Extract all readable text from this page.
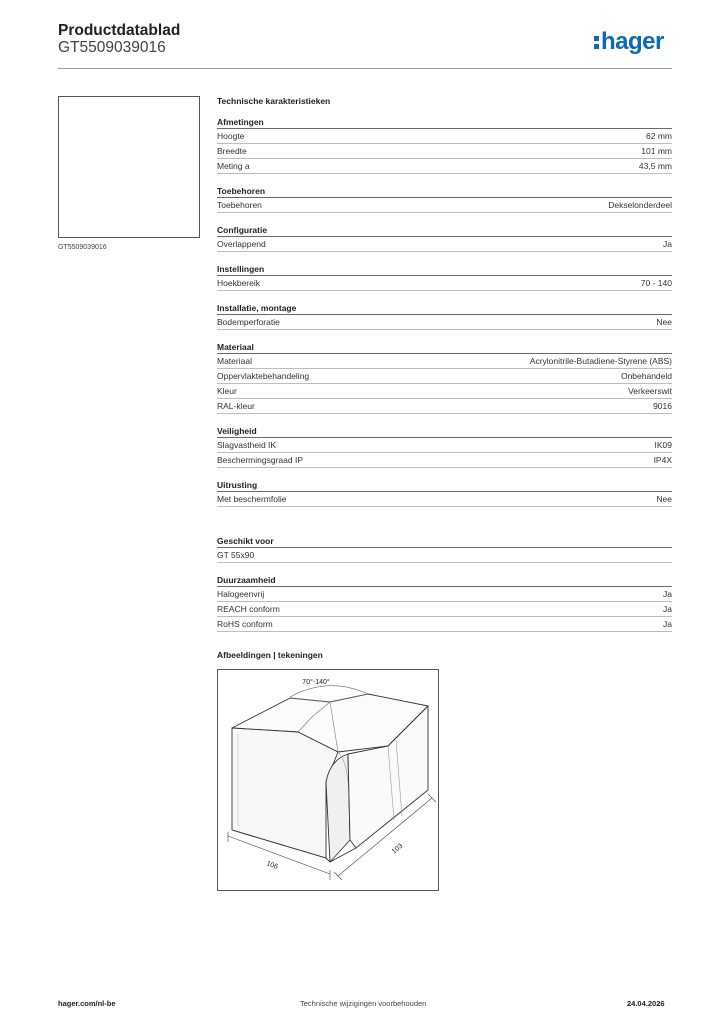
Productdatablad
GT5509039016	hager
GT5509039016
Technische karakteristieken
Afmetingen
Hoogte	62 mm
Breedte	101 mm
Meting a	43,5 mm
Toebehoren
Toebehoren	Dekselonderdeel
Configuratie
Overlappend	Ja
Instellingen
Hoekbereik	70 - 140
Installatie, montage
Bodemperforatie	Nee
Materiaal
Materiaal	Acrylonitrile-Butadiene-Styrene (ABS)
Oppervlaktebehandeling	Onbehandeld
Kleur	Verkeerswit
RAL-kleur	9016
Veiligheid
Slagvastheid IK	IK09
Beschermingsgraad IP	IP4X
Uitrusting
Met beschermfolie	Nee
Geschikt voor
GT 55x90
Duurzaamheid
Halogeenvrij	Ja
REACH conform	Ja
RoHS conform	Ja
Afbeeldingen | tekeningen
70°-140°
106
103
hager.com/nl-be	Technische wijzigingen voorbehouden	24.04.2026
